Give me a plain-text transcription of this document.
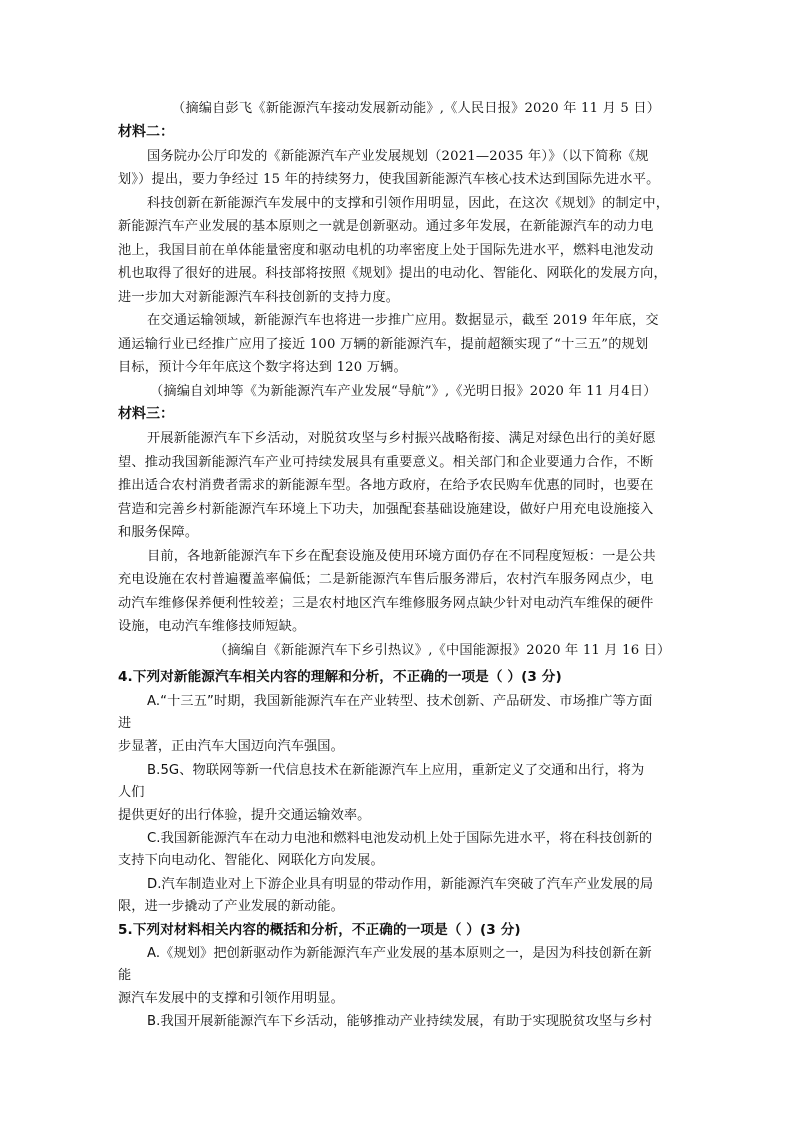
（摘编自彭飞《新能源汽车接动发展新动能》,《人民日报》2020 年 11 月 5 日）
材料二：
国务院办公厅印发的《新能源汽车产业发展规划（2021—2035 年）》（以下简称《规
划》）提出，要力争经过 15 年的持续努力，使我国新能源汽车核心技术达到国际先进水平。
科技创新在新能源汽车发展中的支撑和引领作用明显，因此，在这次《规划》的制定中，
新能源汽车产业发展的基本原则之一就是创新驱动。通过多年发展，在新能源汽车的动力电
池上，我国目前在单体能量密度和驱动电机的功率密度上处于国际先进水平，燃料电池发动
机也取得了很好的进展。科技部将按照《规划》提出的电动化、智能化、网联化的发展方向，
进一步加大对新能源汽车科技创新的支持力度。
在交通运输领域，新能源汽车也将进一步推广应用。数据显示，截至 2019 年年底，交
通运输行业已经推广应用了接近 100 万辆的新能源汽车，提前超额实现了“十三五”的规划
目标，预计今年年底这个数字将达到 120 万辆。
（摘编自刘坤等《为新能源汽车产业发展“导航”》,《光明日报》2020 年 11 月4日）
材料三：
开展新能源汽车下乡活动，对脱贫攻坚与乡村振兴战略衔接、满足对绿色出行的美好愿
望、推动我国新能源汽车产业可持续发展具有重要意义。相关部门和企业要通力合作，不断
推出适合农村消费者需求的新能源车型。各地方政府，在给予农民购车优惠的同时，也要在
营造和完善乡村新能源汽车环境上下功夫，加强配套基础设施建设，做好户用充电设施接入
和服务保障。
目前，各地新能源汽车下乡在配套设施及使用环境方面仍存在不同程度短板：一是公共
充电设施在农村普遍覆盖率偏低；二是新能源汽车售后服务滞后，农村汽车服务网点少，电
动汽车维修保养便利性较差；三是农村地区汽车维修服务网点缺少针对电动汽车维保的硬件
设施，电动汽车维修技师短缺。
（摘编自《新能源汽车下乡引热议》,《中国能源报》2020 年 11 月 16 日）
4.下列对新能源汽车相关内容的理解和分析，不正确的一项是（ ）(3 分)
A.“十三五”时期，我国新能源汽车在产业转型、技术创新、产品研发、市场推广等方面
进
步显著，正由汽车大国迈向汽车强国。
B.5G、物联网等新一代信息技术在新能源汽车上应用，重新定义了交通和出行，将为
人们
提供更好的出行体验，提升交通运输效率。
C.我国新能源汽车在动力电池和燃料电池发动机上处于国际先进水平，将在科技创新的
支持下向电动化、智能化、网联化方向发展。
D.汽车制造业对上下游企业具有明显的带动作用，新能源汽车突破了汽车产业发展的局
限，进一步撬动了产业发展的新动能。
5.下列对材料相关内容的概括和分析，不正确的一项是（ ）(3 分)
A.《规划》把创新驱动作为新能源汽车产业发展的基本原则之一，是因为科技创新在新
能
源汽车发展中的支撑和引领作用明显。
B.我国开展新能源汽车下乡活动，能够推动产业持续发展，有助于实现脱贫攻坚与乡村
